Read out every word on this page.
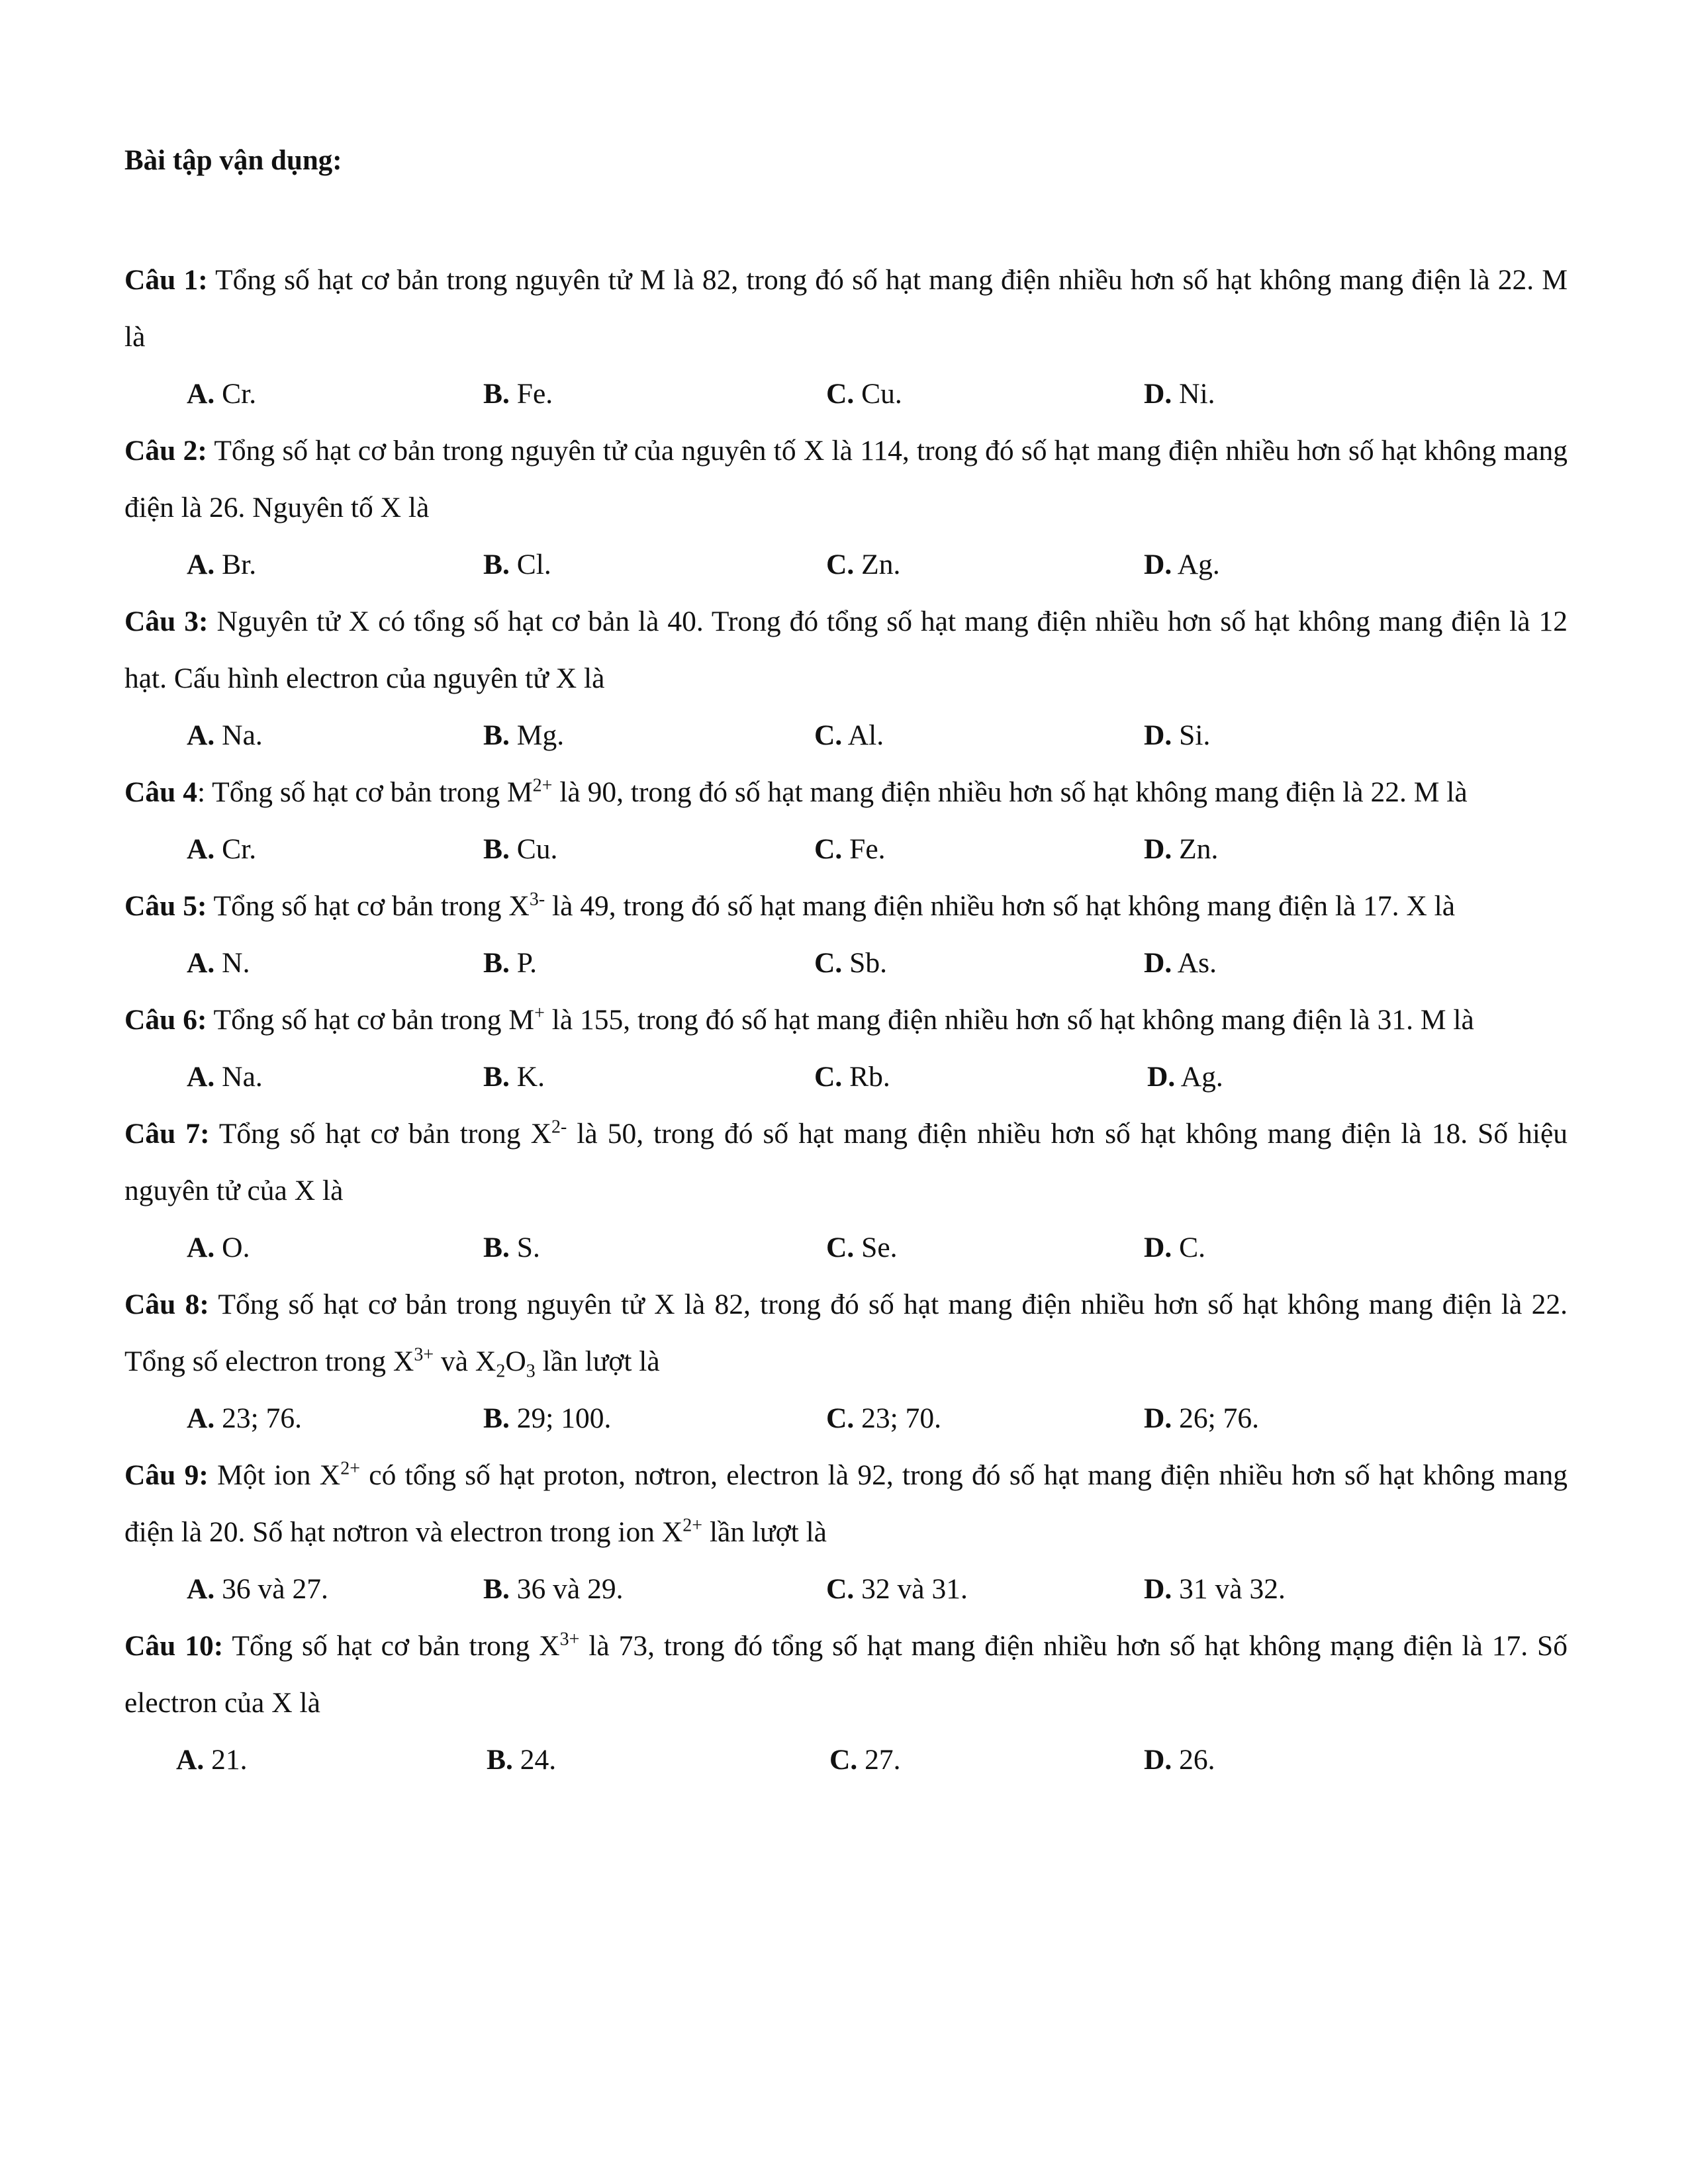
Bài tập vận dụng:

Câu 1: Tổng số hạt cơ bản trong nguyên tử M là 82, trong đó số hạt mang điện nhiều hơn số hạt không mang điện là 22. M là

A. Cr.	B. Fe.	C. Cu.	D. Ni.

Câu 2: Tổng số hạt cơ bản trong nguyên tử của nguyên tố X là 114, trong đó số hạt mang điện nhiều hơn số hạt không mang điện là 26. Nguyên tố X là

A. Br.	B. Cl.	C. Zn.	D. Ag.

Câu 3: Nguyên tử X có tổng số hạt cơ bản là 40. Trong đó tổng số hạt mang điện nhiều hơn số hạt không mang điện là 12 hạt. Cấu hình electron của nguyên tử X là

A. Na.	B. Mg.	C. Al.	D. Si.

Câu 4: Tổng số hạt cơ bản trong $M^{2+}$ là 90, trong đó số hạt mang điện nhiều hơn số hạt không mang điện là 22. M là

A. Cr.	B. Cu.	C. Fe.	D. Zn.

Câu 5: Tổng số hạt cơ bản trong $X^{3-}$ là 49, trong đó số hạt mang điện nhiều hơn số hạt không mang điện là 17. X là

A. N.	B. P.	C. Sb.	D. As.

Câu 6: Tổng số hạt cơ bản trong M+ là 155, trong đó số hạt mang điện nhiều hơn số hạt không mang điện là 31. M là

A. Na.	B. K.	C. Rb.	D. Ag.

Câu 7: Tổng số hạt cơ bản trong $X^{2-}$ là 50, trong đó số hạt mang điện nhiều hơn số hạt không mang điện là 18. Số hiệu nguyên tử của X là

A. O.	B. S.	C. Se.	D. C.

Câu 8: Tổng số hạt cơ bản trong nguyên tử X là 82, trong đó số hạt mang điện nhiều hơn số hạt không mang điện là 22. Tổng số electron trong $X^{3+}$ và $X_2O_3$ lần lượt là

A. 23; 76.	B. 29; 100.	C. 23; 70.	D. 26; 76.

Câu 9: Một ion $X^{2+}$ có tổng số hạt proton, nơtron, electron là 92, trong đó số hạt mang điện nhiều hơn số hạt không mang điện là 20. Số hạt nơtron và electron trong ion $X^{2+}$ lần lượt là

A. 36 và 27.	B. 36 và 29.	C. 32 và 31.	D. 31 và 32.

Câu 10: Tổng số hạt cơ bản trong $X^{3+}$ là 73, trong đó tổng số hạt mang điện nhiều hơn số hạt không mạng điện là 17. Số electron của X là

A. 21.	B. 24.	C. 27.	D. 26.
